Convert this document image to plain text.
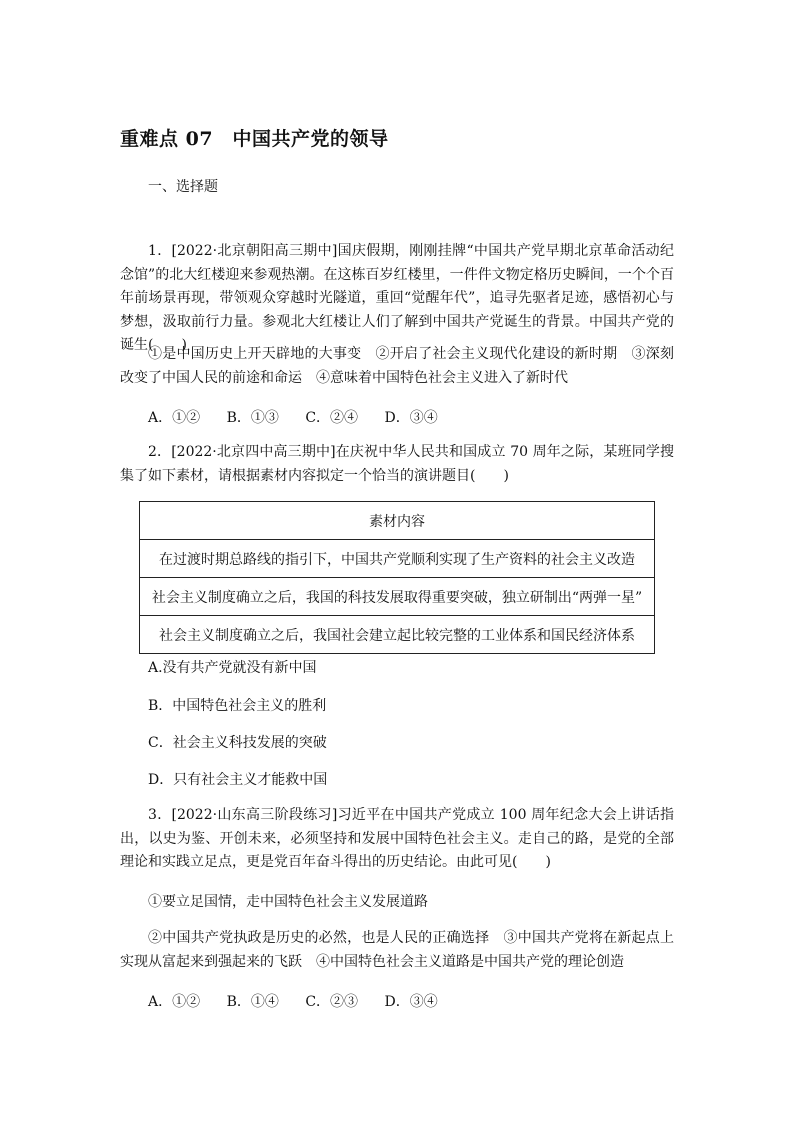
重难点 07　中国共产党的领导
一、选择题
1．[2022·北京朝阳高三期中]国庆假期，刚刚挂牌“中国共产党早期北京革命活动纪念馆”的北大红楼迎来参观热潮。在这栋百岁红楼里，一件件文物定格历史瞬间，一个个百年前场景再现，带领观众穿越时光隧道，重回“觉醒年代”，追寻先驱者足迹，感悟初心与梦想，汲取前行力量。参观北大红楼让人们了解到中国共产党诞生的背景。中国共产党的诞生(　　)
①是中国历史上开天辟地的大事变　②开启了社会主义现代化建设的新时期　③深刻改变了中国人民的前途和命运　④意味着中国特色社会主义进入了新时代
A．①② B．①③ C．②④ D．③④
2．[2022·北京四中高三期中]在庆祝中华人民共和国成立 70 周年之际，某班同学搜集了如下素材，请根据素材内容拟定一个恰当的演讲题目(　　)
素材内容
在过渡时期总路线的指引下，中国共产党顺利实现了生产资料的社会主义改造
社会主义制度确立之后，我国的科技发展取得重要突破，独立研制出“两弹一星”
社会主义制度确立之后，我国社会建立起比较完整的工业体系和国民经济体系
A.没有共产党就没有新中国
B．中国特色社会主义的胜利
C．社会主义科技发展的突破
D．只有社会主义才能救中国
3．[2022·山东高三阶段练习]习近平在中国共产党成立 100 周年纪念大会上讲话指出，以史为鉴、开创未来，必须坚持和发展中国特色社会主义。走自己的路，是党的全部理论和实践立足点，更是党百年奋斗得出的历史结论。由此可见(　　)
①要立足国情，走中国特色社会主义发展道路
②中国共产党执政是历史的必然，也是人民的正确选择　③中国共产党将在新起点上实现从富起来到强起来的飞跃　④中国特色社会主义道路是中国共产党的理论创造
A．①② B．①④ C．②③ D．③④
